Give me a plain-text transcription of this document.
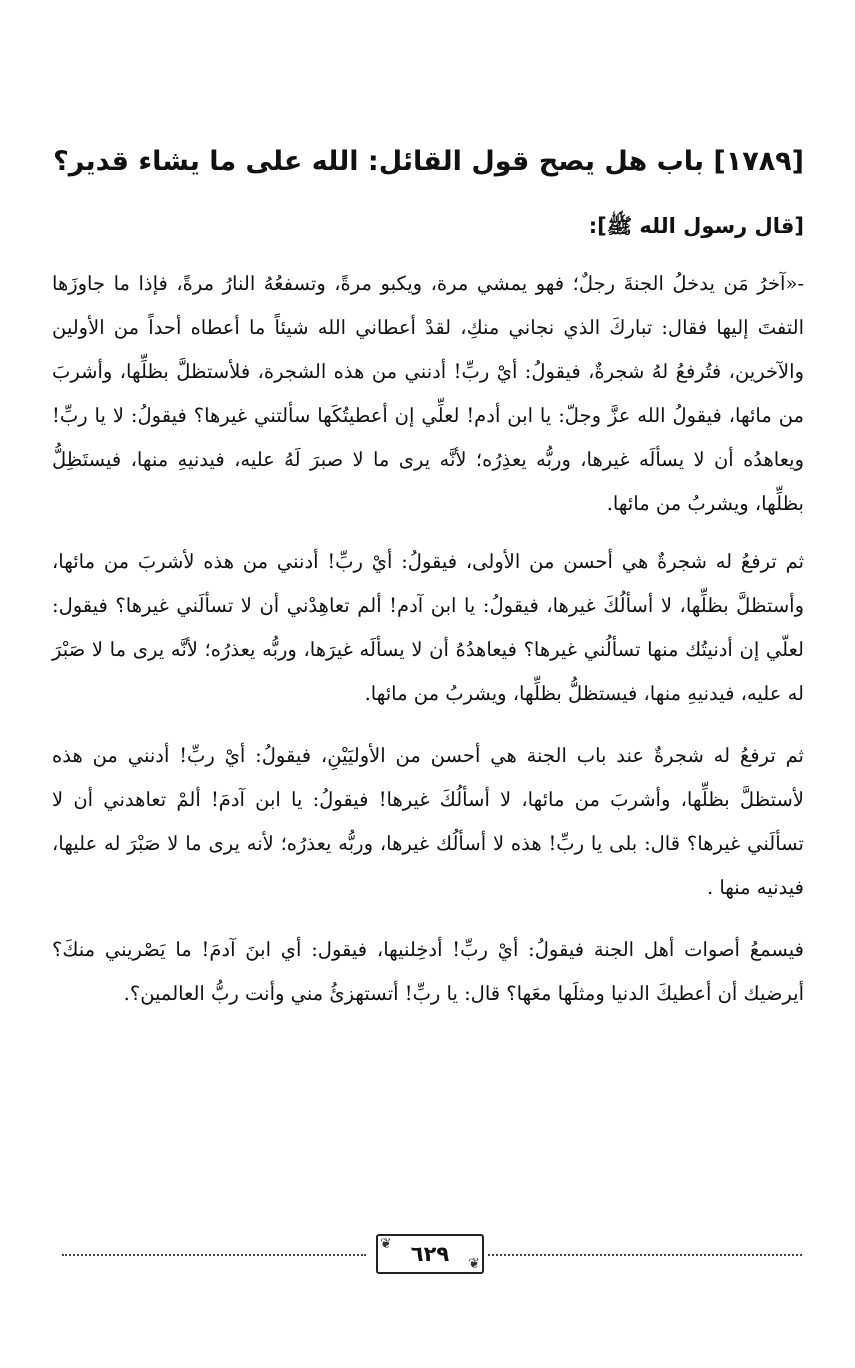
[١٧٨٩] باب هل يصح قول القائل: الله على ما يشاء قدير؟
[قال رسول الله ﷺ]:

-«آخرُ مَن يدخلُ الجنةَ رجلٌ؛ فهو يمشي مرة، ويكبو مرةً، وتسفعُهُ النارُ مرةً، فإذا ما جاوزَها التفتَ إليها فقال: تباركَ الذي نجاني منكِ، لقدْ أعطاني الله شيئاً ما أعطاه أحداً من الأولين والآخرين، فتُرفعُ لهُ شجرةٌ، فيقولُ: أيْ ربِّ! أدنني من هذه الشجرة، فلأستظلَّ بظلِّها، وأشربَ من مائها، فيقولُ الله عزَّ وجلّ: يا ابن أدم! لعلِّي إن أعطيتُكَها سألتني غيرها؟ فيقولُ: لا يا ربِّ! ويعاهدُه أن لا يسألَه غيرها، وربُّه يعذِرُه؛ لأنَّه يرى ما لا صبرَ لَهُ عليه، فيدنيهِ منها، فيستَظِلُّ بظلِّها، ويشربُ من مائها.

ثم ترفعُ له شجرةٌ هي أحسن من الأولى، فيقولُ: أيْ ربِّ! أدنني من هذه لأشربَ من مائها، وأستظلَّ بظلِّها، لا أسألُكَ غيرها، فيقولُ: يا ابن آدم! ألم تعاهِدْني أن لا تسألَني غيرها؟ فيقول: لعلّي إن أدنيتُك منها تسألُني غيرها؟ فيعاهدُهُ أن لا يسألَه غيرَها، وربُّه يعذرُه؛ لأنَّه يرى ما لا صَبْرَ له عليه، فيدنيهِ منها، فيستظلُّ بظلِّها، ويشربُ من مائها.

ثم ترفعُ له شجرةٌ عند باب الجنة هي أحسن من الأوليَيْنِ، فيقولُ: أيْ ربِّ! أدنني من هذه لأستظلَّ بظلِّها، وأشربَ من مائها، لا أسألُكَ غيرها! فيقولُ: يا ابن آدمَ! ألمْ تعاهدني أن لا تسألَني غيرها؟ قال: بلى يا ربِّ! هذه لا أسألُك غيرها، وربُّه يعذرُه؛ لأنه يرى ما لا صَبْرَ له عليها، فيدنيه منها .

فيسمعُ أصوات أهل الجنة فيقولُ: أيْ ربِّ! أدخِلنيها، فيقول: أي ابنَ آدمَ! ما يَصْريني منكَ؟ أيرضيك أن أعطيكَ الدنيا ومثلَها معَها؟ قال: يا ربِّ! أتستهزئُ مني وأنت ربُّ العالمين؟.

❦ ٦٢٩ ❦
